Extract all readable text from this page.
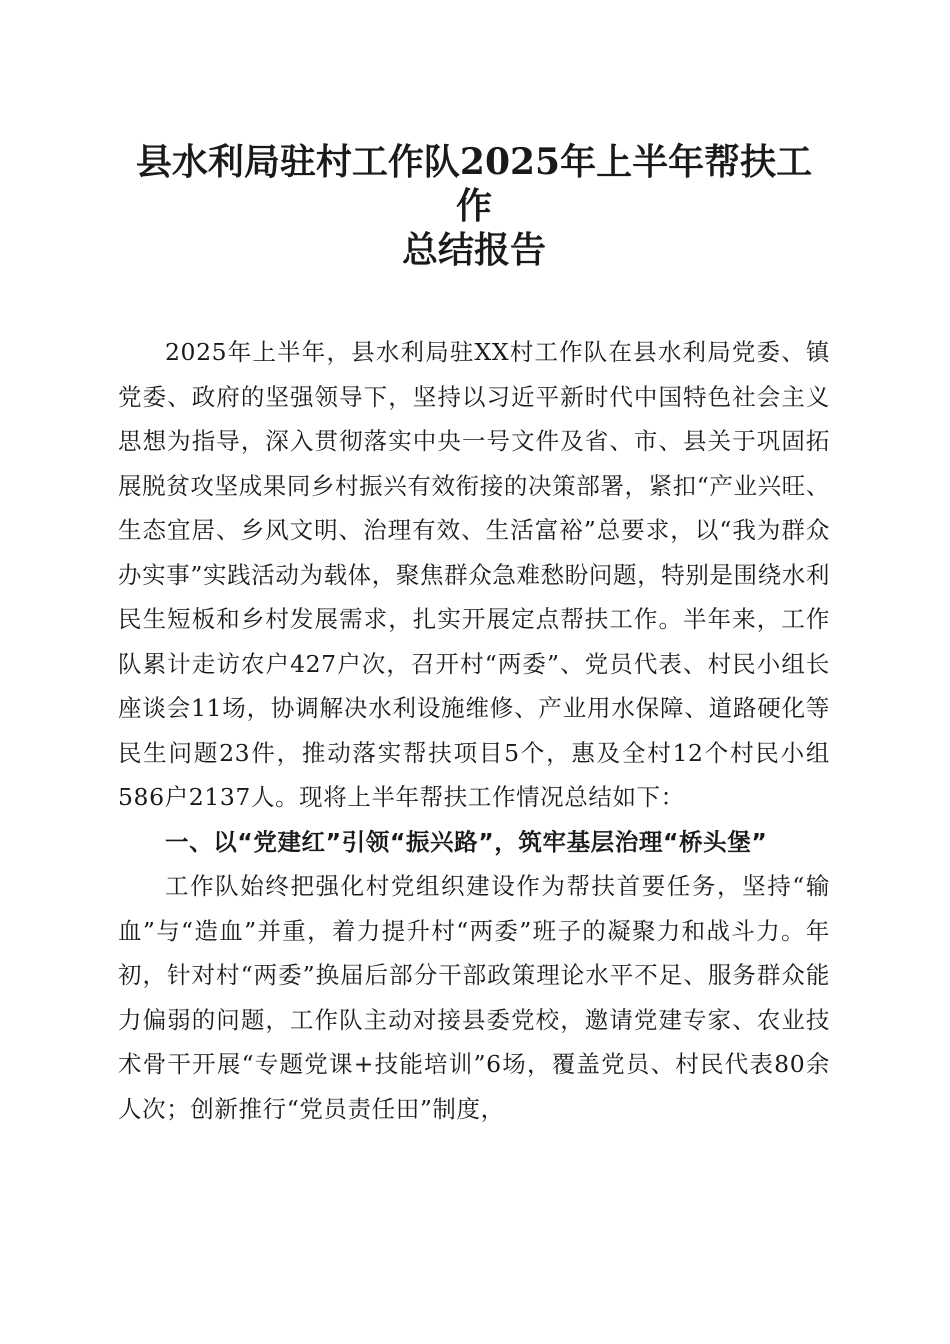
县水利局驻村工作队2025年上半年帮扶工作
总结报告

2025年上半年，县水利局驻XX村工作队在县水利局党委、镇党委、政府的坚强领导下，坚持以习近平新时代中国特色社会主义思想为指导，深入贯彻落实中央一号文件及省、市、县关于巩固拓展脱贫攻坚成果同乡村振兴有效衔接的决策部署，紧扣“产业兴旺、生态宜居、乡风文明、治理有效、生活富裕”总要求，以“我为群众办实事”实践活动为载体，聚焦群众急难愁盼问题，特别是围绕水利民生短板和乡村发展需求，扎实开展定点帮扶工作。半年来，工作队累计走访农户427户次，召开村“两委”、党员代表、村民小组长座谈会11场，协调解决水利设施维修、产业用水保障、道路硬化等民生问题23件，推动落实帮扶项目5个，惠及全村12个村民小组586户2137人。现将上半年帮扶工作情况总结如下：

一、以“党建红”引领“振兴路”，筑牢基层治理“桥头堡”

工作队始终把强化村党组织建设作为帮扶首要任务，坚持“输血”与“造血”并重，着力提升村“两委”班子的凝聚力和战斗力。年初，针对村“两委”换届后部分干部政策理论水平不足、服务群众能力偏弱的问题，工作队主动对接县委党校，邀请党建专家、农业技术骨干开展“专题党课+技能培训”6场，覆盖党员、村民代表80余人次；创新推行“党员责任田”制度，
